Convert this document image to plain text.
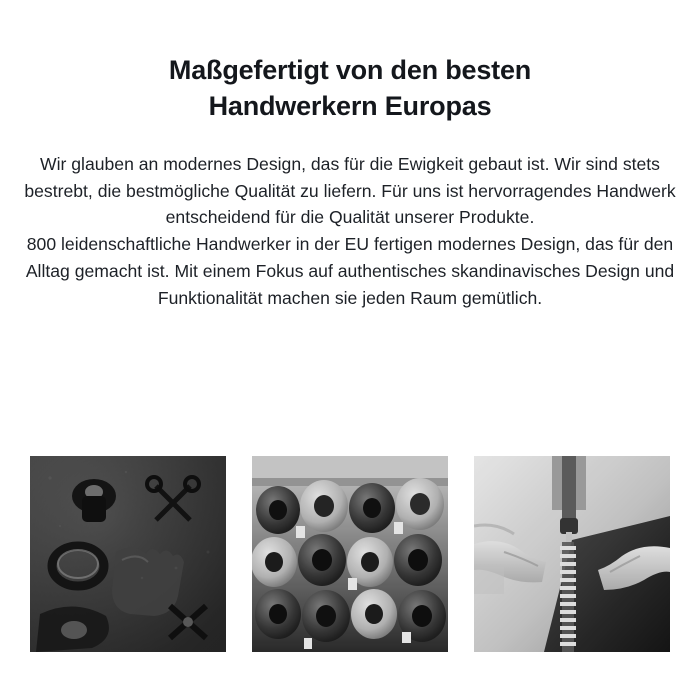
Maßgefertigt von den besten
Handwerkern Europas

Wir glauben an modernes Design, das für die Ewigkeit gebaut ist. Wir sind stets bestrebt, die bestmögliche Qualität zu liefern. Für uns ist hervorragendes Handwerk entscheidend für die Qualität unserer Produkte.

800 leidenschaftliche Handwerker in der EU fertigen modernes Design, das für den Alltag gemacht ist. Mit einem Fokus auf authentisches skandinavisches Design und Funktionalität machen sie jeden Raum gemütlich.
